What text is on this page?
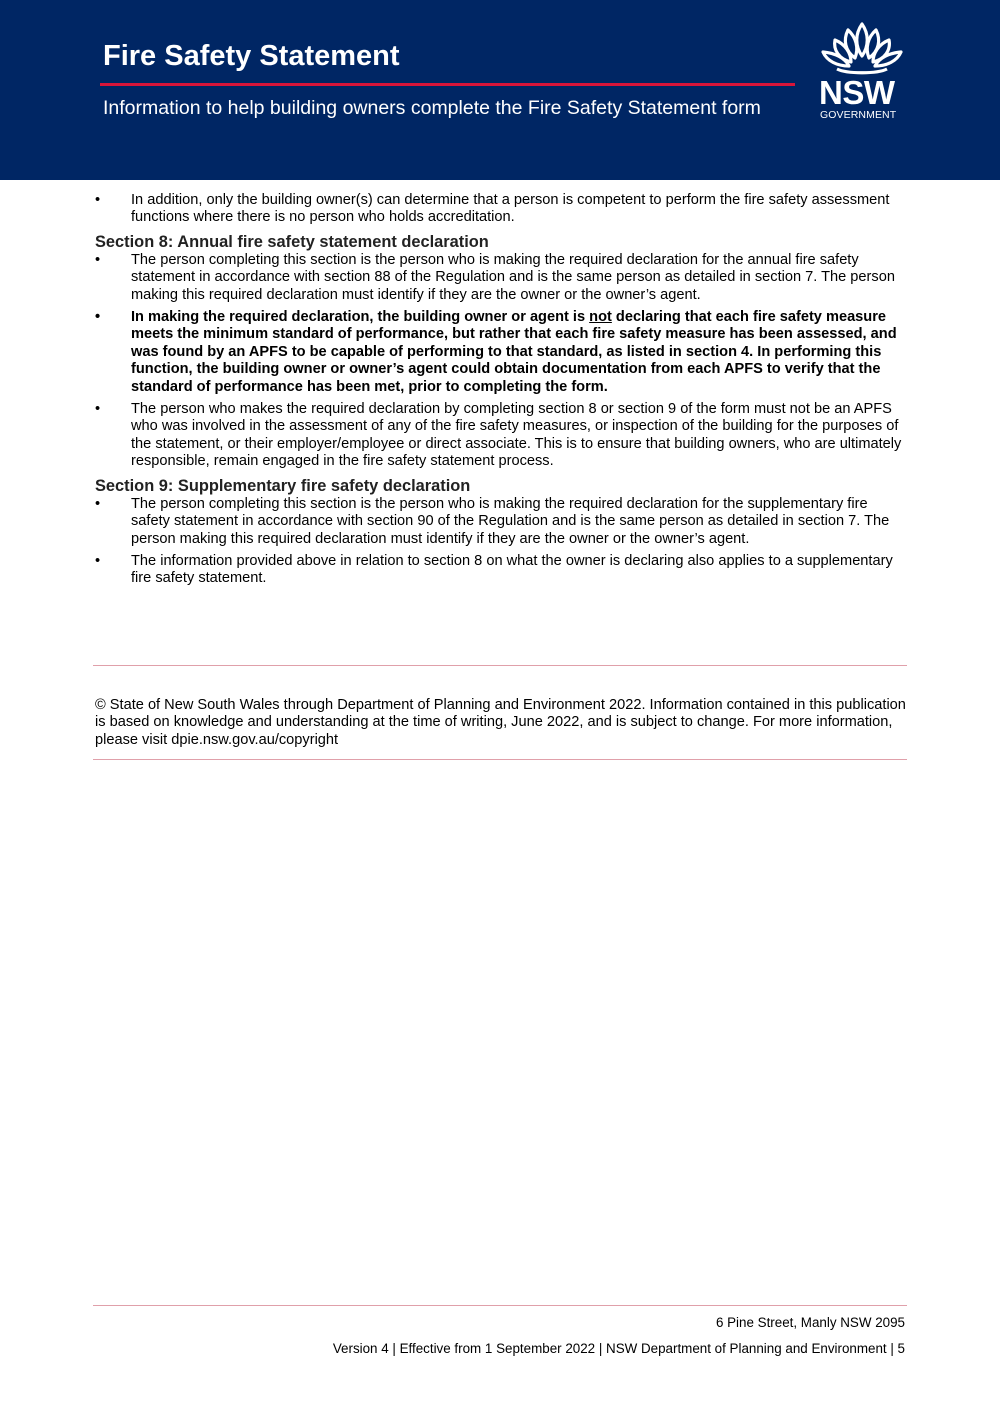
Fire Safety Statement

Information to help building owners complete the Fire Safety Statement form NSW
GOVERNMENT
• In addition, only the building owner(s) can determine that a person is competent to perform the fire safety assessment functions where there is no person who holds accreditation.
Section 8: Annual fire safety statement declaration
• The person completing this section is the person who is making the required declaration for the annual fire safety statement in accordance with section 88 of the Regulation and is the same person as detailed in section 7. The person making this required declaration must identify if they are the owner or the owner’s agent.
• In making the required declaration, the building owner or agent is not declaring that each fire safety measure meets the minimum standard of performance, but rather that each fire safety measure has been assessed, and was found by an APFS to be capable of performing to that standard, as listed in section 4. In performing this function, the building owner or owner’s agent could obtain documentation from each APFS to verify that the standard of performance has been met, prior to completing the form.
• The person who makes the required declaration by completing section 8 or section 9 of the form must not be an APFS who was involved in the assessment of any of the fire safety measures, or inspection of the building for the purposes of the statement, or their employer/employee or direct associate. This is to ensure that building owners, who are ultimately responsible, remain engaged in the fire safety statement process.
Section 9: Supplementary fire safety declaration
• The person completing this section is the person who is making the required declaration for the supplementary fire safety statement in accordance with section 90 of the Regulation and is the same person as detailed in section 7. The person making this required declaration must identify if they are the owner or the owner’s agent.
• The information provided above in relation to section 8 on what the owner is declaring also applies to a supplementary fire safety statement.

© State of New South Wales through Department of Planning and Environment 2022. Information contained in this publication is based on knowledge and understanding at the time of writing, June 2022, and is subject to change. For more information, please visit dpie.nsw.gov.au/copyright

6 Pine Street, Manly NSW 2095

Version 4 | Effective from 1 September 2022 | NSW Department of Planning and Environment | 5
